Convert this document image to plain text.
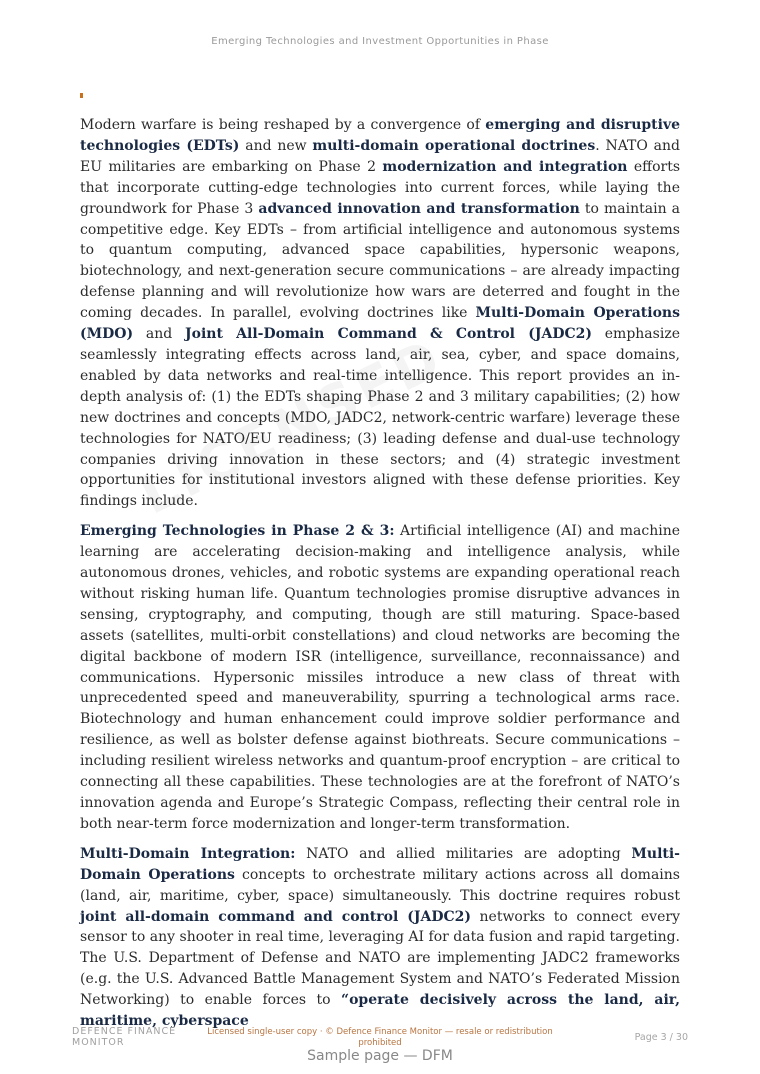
Emerging Technologies and Investment Opportunities in Phase

Modern warfare is being reshaped by a convergence of emerging and disruptive technologies (EDTs) and new multi-domain operational doctrines. NATO and EU militaries are embarking on Phase 2 modernization and integration efforts that incorporate cutting-edge technologies into current forces, while laying the groundwork for Phase 3 advanced innovation and transformation to maintain a competitive edge. Key EDTs – from artificial intelligence and autonomous systems to quantum computing, advanced space capabilities, hypersonic weapons, biotechnology, and next-generation secure communications – are already impacting defense planning and will revolutionize how wars are deterred and fought in the coming decades. In parallel, evolving doctrines like Multi-Domain Operations (MDO) and Joint All-Domain Command & Control (JADC2) emphasize seamlessly integrating effects across land, air, sea, cyber, and space domains, enabled by data networks and real-time intelligence. This report provides an in-depth analysis of: (1) the EDTs shaping Phase 2 and 3 military capabilities; (2) how new doctrines and concepts (MDO, JADC2, network-centric warfare) leverage these technologies for NATO/EU readiness; (3) leading defense and dual-use technology companies driving innovation in these sectors; and (4) strategic investment opportunities for institutional investors aligned with these defense priorities. Key findings include.

Emerging Technologies in Phase 2 & 3: Artificial intelligence (AI) and machine learning are accelerating decision-making and intelligence analysis, while autonomous drones, vehicles, and robotic systems are expanding operational reach without risking human life. Quantum technologies promise disruptive advances in sensing, cryptography, and computing, though are still maturing. Space-based assets (satellites, multi-orbit constellations) and cloud networks are becoming the digital backbone of modern ISR (intelligence, surveillance, reconnaissance) and communications. Hypersonic missiles introduce a new class of threat with unprecedented speed and maneuverability, spurring a technological arms race. Biotechnology and human enhancement could improve soldier performance and resilience, as well as bolster defense against biothreats. Secure communications – including resilient wireless networks and quantum-proof encryption – are critical to connecting all these capabilities. These technologies are at the forefront of NATO’s innovation agenda and Europe’s Strategic Compass, reflecting their central role in both near-term force modernization and longer-term transformation.

Multi-Domain Integration: NATO and allied militaries are adopting Multi-Domain Operations concepts to orchestrate military actions across all domains (land, air, maritime, cyber, space) simultaneously. This doctrine requires robust joint all-domain command and control (JADC2) networks to connect every sensor to any shooter in real time, leveraging AI for data fusion and rapid targeting. The U.S. Department of Defense and NATO are implementing JADC2 frameworks (e.g. the U.S. Advanced Battle Management System and NATO’s Federated Mission Networking) to enable forces to “operate decisively across the land, air, maritime, cyberspace

DEFENCE FINANCE
MONITOR
Licensed single-user copy · © Defence Finance Monitor — resale or redistribution prohibited	Page 3 / 30
Sample page — DFM
